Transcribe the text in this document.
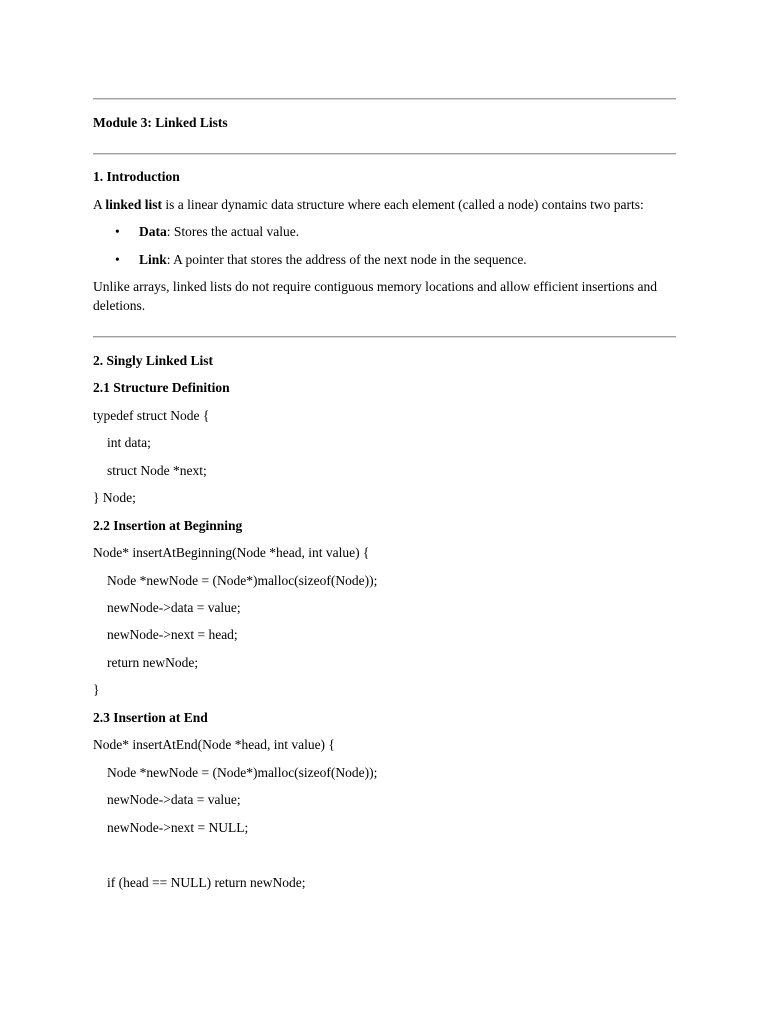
Module 3: Linked Lists
1. Introduction
A linked list is a linear dynamic data structure where each element (called a node) contains two parts:
• Data: Stores the actual value.
• Link: A pointer that stores the address of the next node in the sequence.
Unlike arrays, linked lists do not require contiguous memory locations and allow efficient insertions and deletions.
2. Singly Linked List
2.1 Structure Definition
typedef struct Node {
int data;
struct Node *next;
} Node;
2.2 Insertion at Beginning
Node* insertAtBeginning(Node *head, int value) {
Node *newNode = (Node*)malloc(sizeof(Node));
newNode->data = value;
newNode->next = head;
return newNode;
}
2.3 Insertion at End
Node* insertAtEnd(Node *head, int value) {
Node *newNode = (Node*)malloc(sizeof(Node));
newNode->data = value;
newNode->next = NULL;
if (head == NULL) return newNode;
